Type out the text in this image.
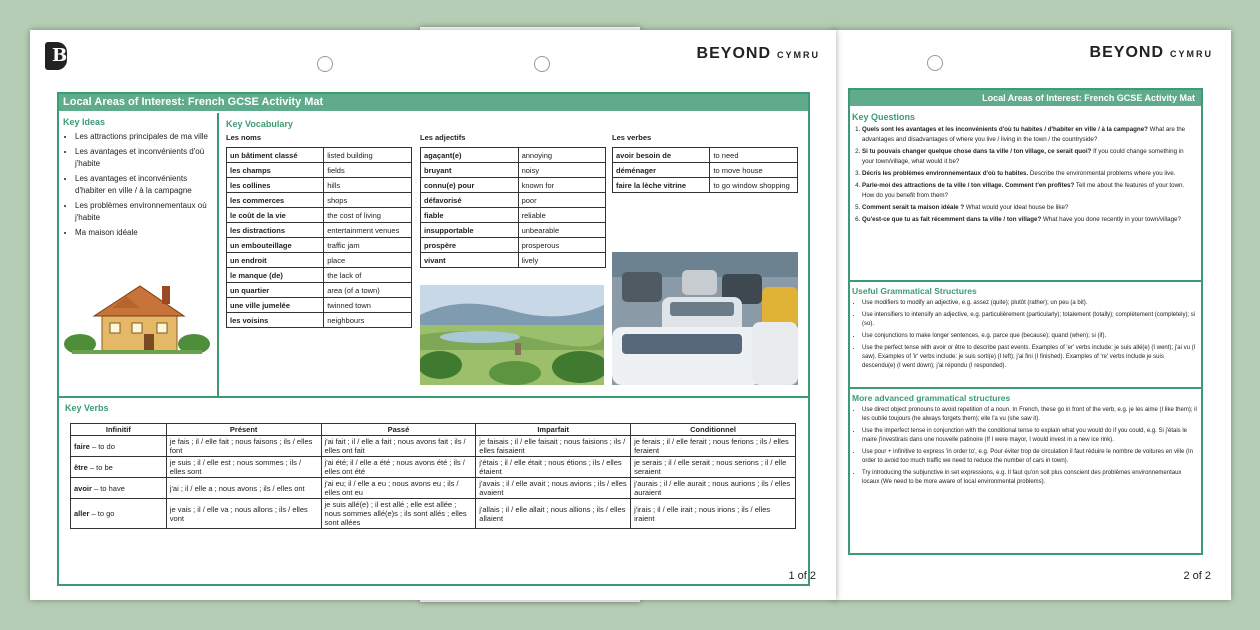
BEYOND CYMRU
Local Areas of Interest: French GCSE Activity Mat
Key Questions
1. Quels sont les avantages et les inconvénients d'où tu habites / d'habiter en ville / à la campagne? What are the advantages and disadvantages of where you live / living in the town / the countryside?
2. Si tu pouvais changer quelque chose dans ta ville / ton village, ce serait quoi? If you could change something in your town/village, what would it be?
3. Décris les problèmes environnementaux d'où tu habites. Describe the environmental problems where you live.
4. Parle-moi des attractions de ta ville / ton village. Comment t'en profites? Tell me about the features of your town. How do you benefit from them?
5. Comment serait ta maison idéale ? What would your ideal house be like?
6. Qu'est-ce que tu as fait récemment dans ta ville / ton village? What have you done recently in your town/village?
Useful Grammatical Structures
• Use modifiers to modify an adjective, e.g. assez (quite); plutôt (rather); un peu (a bit).
• Use intensifiers to intensify an adjective, e.g. particulièrement (particularly); totalement (totally); complètement (completely); si (so).
• Use conjunctions to make longer sentences, e.g. parce que (because); quand (when); si (if).
• Use the perfect tense with avoir or être to describe past events. Examples of 'er' verbs include: je suis allé(e) (I went); j'ai vu (I saw). Examples of 'ir' verbs include: je suis sorti(e) (I left); j'ai fini (I finished). Examples of 're' verbs include je suis descendu(e) (I went down); j'ai répondu (I responded).
More advanced grammatical structures
• Use direct object pronouns to avoid repetition of a noun. In French, these go in front of the verb, e.g. je les aime (I like them); il les oublie toujours (he always forgets them); elle l'a vu (she saw it).
• Use the imperfect tense in conjunction with the conditional tense to explain what you would do if you could, e.g. Si j'étais le maire j'investirais dans une nouvelle patinoire (If I were mayor, I would invest in a new ice rink).
• Use pour + infinitive to express 'in order to', e.g. Pour éviter trop de circulation il faut réduire le nombre de voitures en ville (In order to avoid too much traffic we need to reduce the number of cars in town).
• Try introducing the subjunctive in set expressions, e.g. Il faut qu'on soit plus conscient des problèmes environnementaux locaux (We need to be more aware of local environmental problems).
2 of 2
B	BEYOND CYMRU
Local Areas of Interest: French GCSE Activity Mat
Key Ideas
• Les attractions principales de ma ville
• Les avantages et inconvénients d'où j'habite
• Les avantages et inconvénients d'habiter en ville / à la campagne
• Les problèmes environnementaux où j'habite
• Ma maison idéale
Key Vocabulary
Les noms
un bâtiment classé	listed building
les champs	fields
les collines	hills
les commerces	shops
le coût de la vie	the cost of living
les distractions	entertainment venues
un embouteillage	traffic jam
un endroit	place
le manque (de)	the lack of
un quartier	area (of a town)
une ville jumelée	twinned town
les voisins	neighbours
Les adjectifs
agaçant(e)	annoying
bruyant	noisy
connu(e) pour	known for
défavorisé	poor
fiable	reliable
insupportable	unbearable
prospère	prosperous
vivant	lively
Les verbes
avoir besoin de	to need
déménager	to move house
faire la lèche vitrine	to go window shopping
Key Verbs
Infinitif	Présent	Passé	Imparfait	Conditionnel
faire – to do	je fais ; il / elle fait ; nous faisons ; ils / elles font	j'ai fait ; il / elle a fait ; nous avons fait ; ils / elles ont fait	je faisais ; il / elle faisait ; nous faisions ; ils / elles faisaient	je ferais ; il / elle ferait ; nous ferions ; ils / elles feraient
être – to be	je suis ; il / elle est ; nous sommes ; ils / elles sont	j'ai été; il / elle a été ; nous avons été ; ils / elles ont été	j'étais ; il / elle était ; nous étions ; ils / elles étaient	je serais ; il / elle serait ; nous serions ; il / elle seraient
avoir – to have	j'ai ; il / elle a ; nous avons ; ils / elles ont	j'ai eu; il / elle a eu ; nous avons eu ; ils / elles ont eu	j'avais ; il / elle avait ; nous avions ; ils / elles avaient	j'aurais ; il / elle aurait ; nous aurions ; ils / elles auraient
aller – to go	je vais ; il / elle va ; nous allons ; ils / elles vont	je suis allé(e) ; il est allé ; elle est allée ; nous sommes allé(e)s ; ils sont allés ; elles sont allées	j'allais ; il / elle allait ; nous allions ; ils / elles allaient	j'irais ; il / elle irait ; nous irions ; ils / elles iraient
1 of 2
